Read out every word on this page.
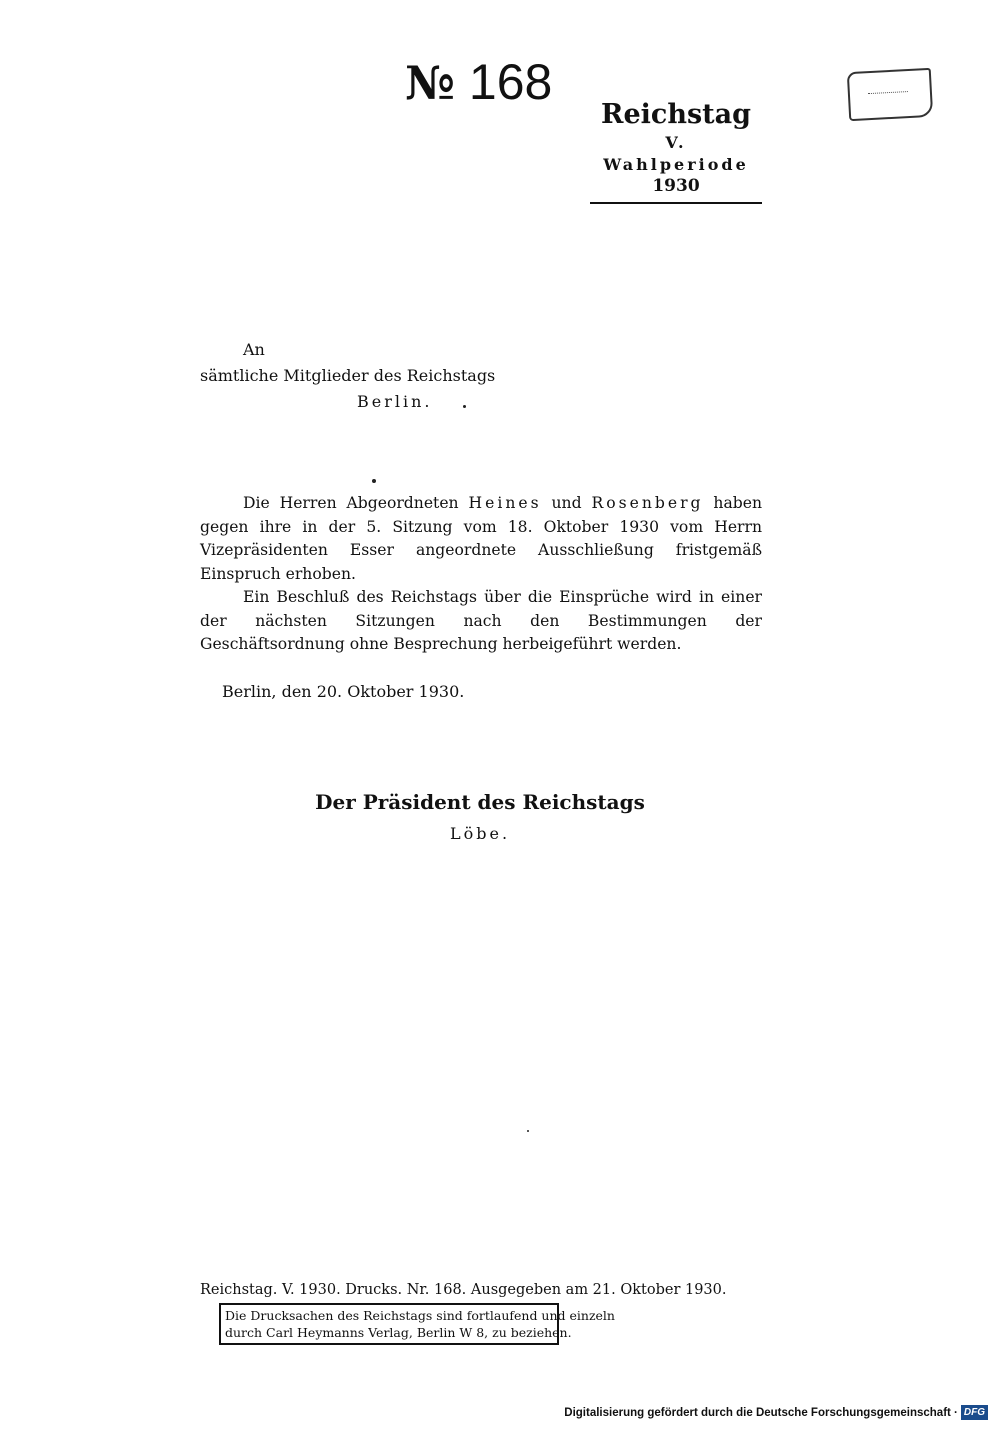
№ 168
Reichstag
V. Wahlperiode
1930
An
sämtliche Mitglieder des Reichstags
Berlin.

Die Herren Abgeordneten Heines und Rosenberg haben gegen ihre in der 5. Sitzung vom 18. Oktober 1930 vom Herrn Vizepräsidenten Esser angeordnete Ausschließung fristgemäß Einspruch erhoben.

Ein Beschluß des Reichstags über die Einsprüche wird in einer der nächsten Sitzungen nach den Bestimmungen der Geschäftsordnung ohne Besprechung herbeigeführt werden.

Berlin, den 20. Oktober 1930.
Der Präsident des Reichstags
Löbe.
Reichstag. V. 1930. Drucks. Nr. 168. Ausgegeben am 21. Oktober 1930.
Die Drucksachen des Reichstags sind fortlaufend und einzeln
durch Carl Heymanns Verlag, Berlin W 8, zu beziehen.
Digitalisierung gefördert durch die Deutsche Forschungsgemeinschaft · DFG
